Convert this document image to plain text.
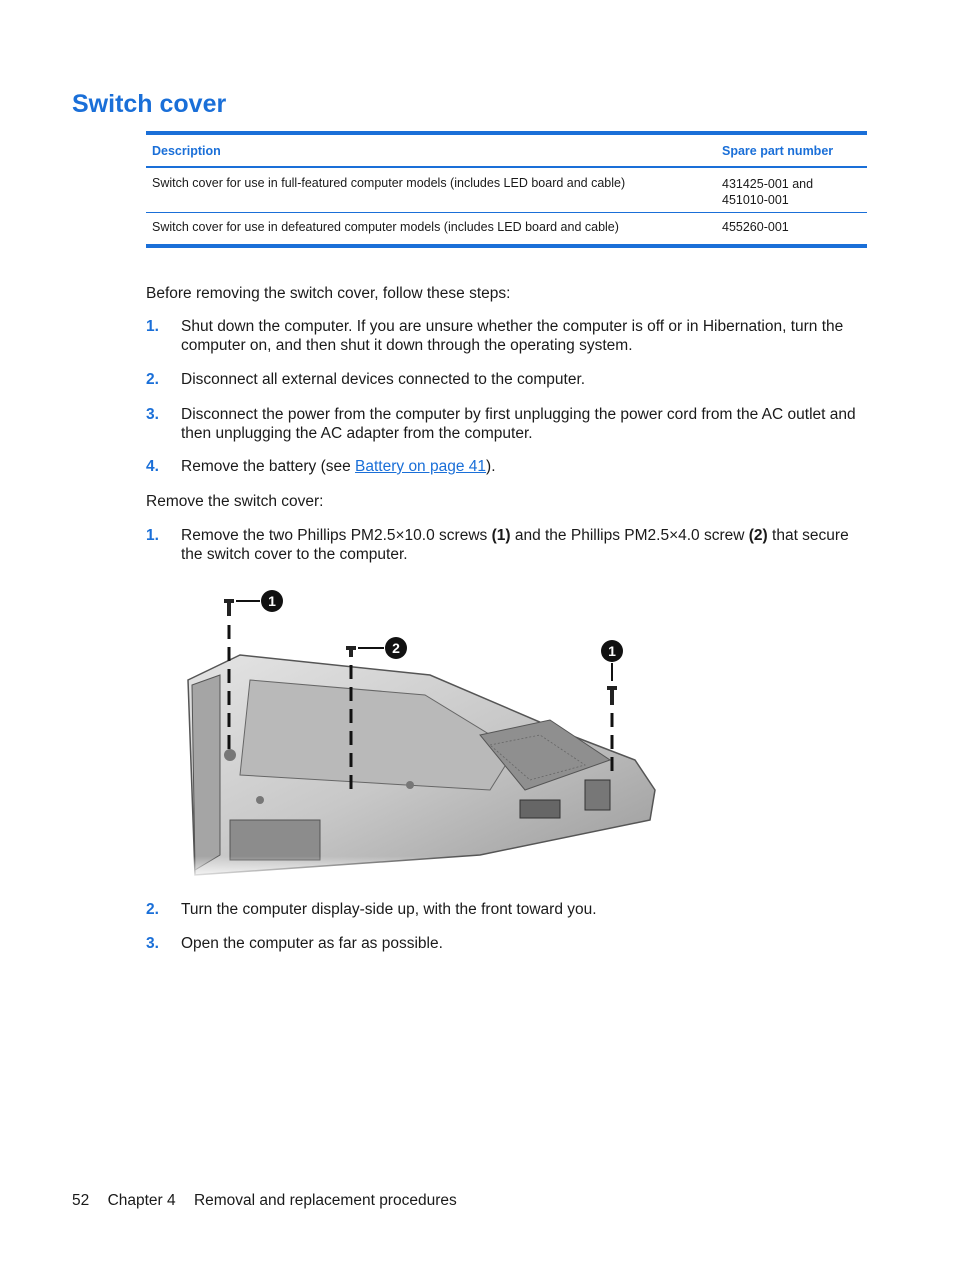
Switch cover
Description	Spare part number
Switch cover for use in full-featured computer models (includes LED board and cable)	431425-001 and
451010-001
Switch cover for use in defeatured computer models (includes LED board and cable)	455260-001

Before removing the switch cover, follow these steps:

1. Shut down the computer. If you are unsure whether the computer is off or in Hibernation, turn the computer on, and then shut it down through the operating system.
2. Disconnect all external devices connected to the computer.
3. Disconnect the power from the computer by first unplugging the power cord from the AC outlet and then unplugging the AC adapter from the computer.
4. Remove the battery (see Battery on page 41).

Remove the switch cover:

1. Remove the two Phillips PM2.5×10.0 screws (1) and the Phillips PM2.5×4.0 screw (2) that secure the switch cover to the computer.
1
2	1
2. Turn the computer display-side up, with the front toward you.
3. Open the computer as far as possible.
52 Chapter 4 Removal and replacement procedures
